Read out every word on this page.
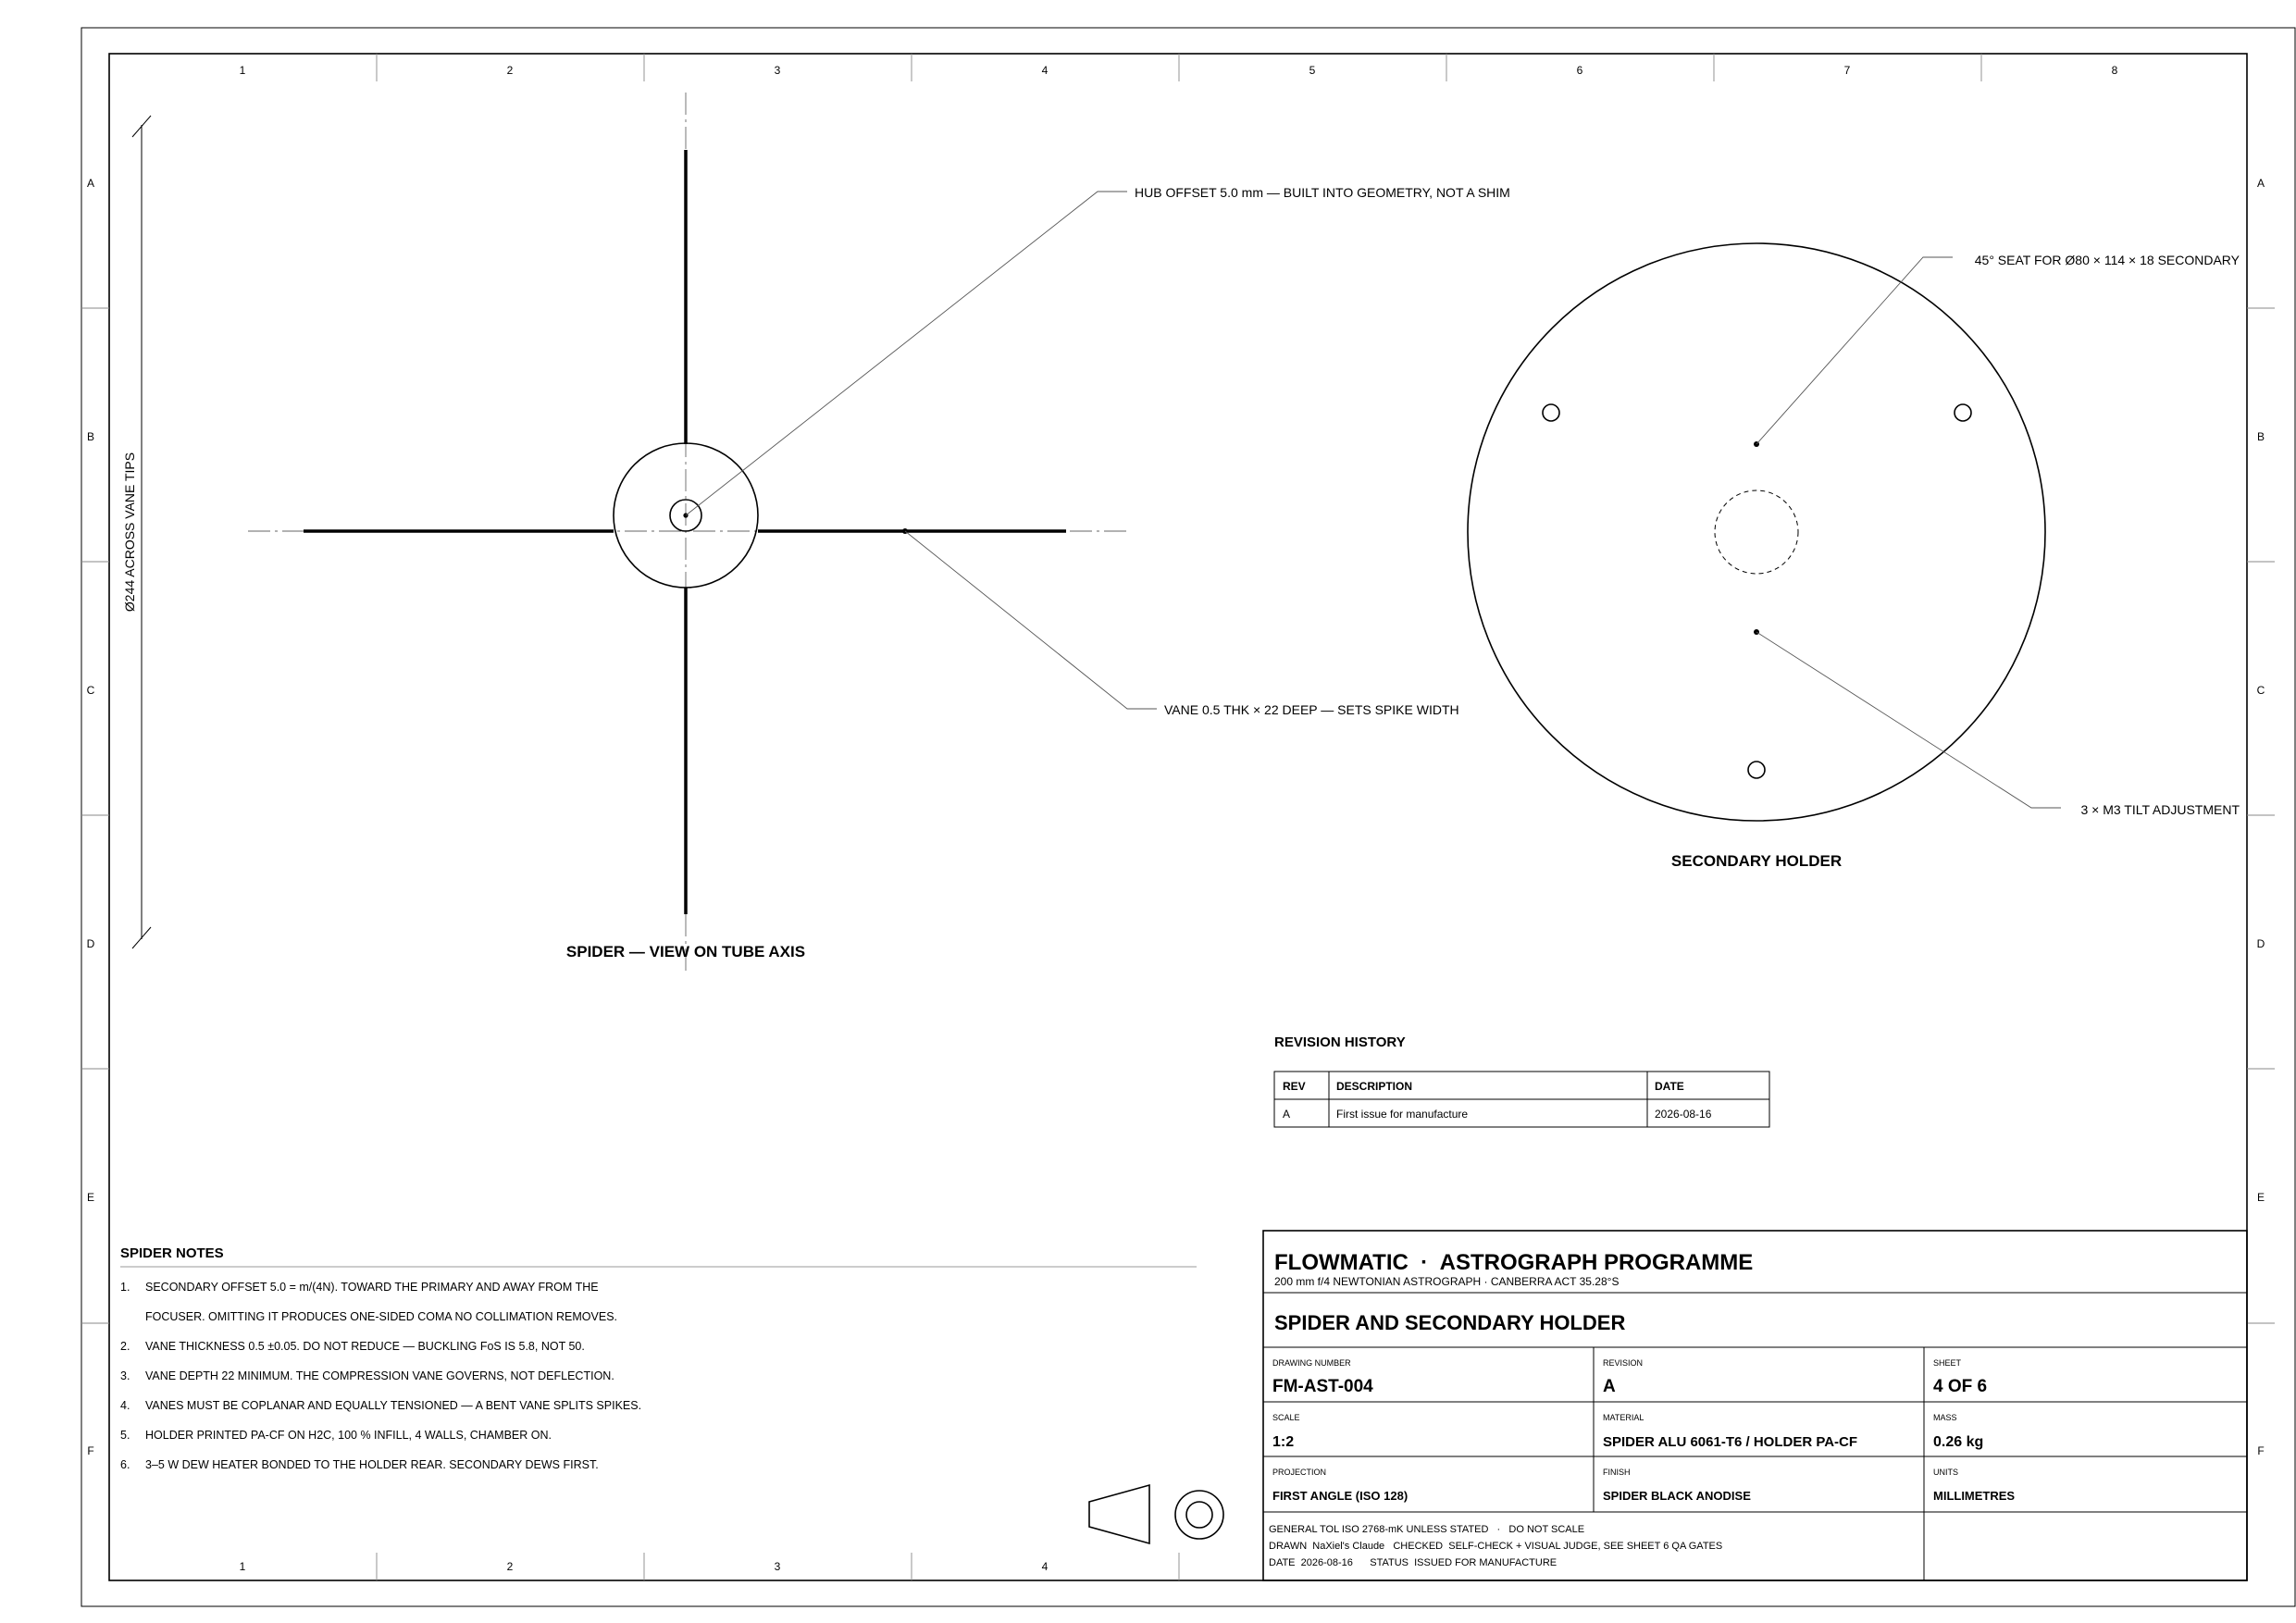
1	2	3	4	5	6	7	8
1	2	3	4
A
B
C
D
E
F
A
B
C
D
E
F
Ø244 ACROSS VANE TIPS
HUB OFFSET 5.0 mm — BUILT INTO GEOMETRY, NOT A SHIM
VANE 0.5 THK × 22 DEEP — SETS SPIKE WIDTH
SPIDER — VIEW ON TUBE AXIS
45° SEAT FOR Ø80 × 114 × 18 SECONDARY
3 × M3 TILT ADJUSTMENT
SECONDARY HOLDER
REVISION HISTORY
REV	DESCRIPTION	DATE
A	First issue for manufacture	2026-08-16
SPIDER NOTES
1. SECONDARY OFFSET 5.0 = m/(4N). TOWARD THE PRIMARY AND AWAY FROM THE
FOCUSER. OMITTING IT PRODUCES ONE-SIDED COMA NO COLLIMATION REMOVES.
2. VANE THICKNESS 0.5 ±0.05. DO NOT REDUCE — BUCKLING FoS IS 5.8, NOT 50.
3. VANE DEPTH 22 MINIMUM. THE COMPRESSION VANE GOVERNS, NOT DEFLECTION.
4. VANES MUST BE COPLANAR AND EQUALLY TENSIONED — A BENT VANE SPLITS SPIKES.
5. HOLDER PRINTED PA-CF ON H2C, 100 % INFILL, 4 WALLS, CHAMBER ON.
6. 3–5 W DEW HEATER BONDED TO THE HOLDER REAR. SECONDARY DEWS FIRST.
FLOWMATIC  ·  ASTROGRAPH PROGRAMME
200 mm f/4 NEWTONIAN ASTROGRAPH · CANBERRA ACT 35.28°S
SPIDER AND SECONDARY HOLDER
DRAWING NUMBER
FM-AST-004
REVISION
A
SHEET
4 OF 6
SCALE
1:2
MATERIAL
SPIDER ALU 6061-T6 / HOLDER PA-CF
MASS
0.26 kg
PROJECTION
FIRST ANGLE (ISO 128)
FINISH
SPIDER BLACK ANODISE
UNITS
MILLIMETRES
GENERAL TOL ISO 2768-mK UNLESS STATED   ·   DO NOT SCALE
DRAWN  NaXiel's Claude   CHECKED  SELF-CHECK + VISUAL JUDGE, SEE SHEET 6 QA GATES
DATE  2026-08-16      STATUS  ISSUED FOR MANUFACTURE
